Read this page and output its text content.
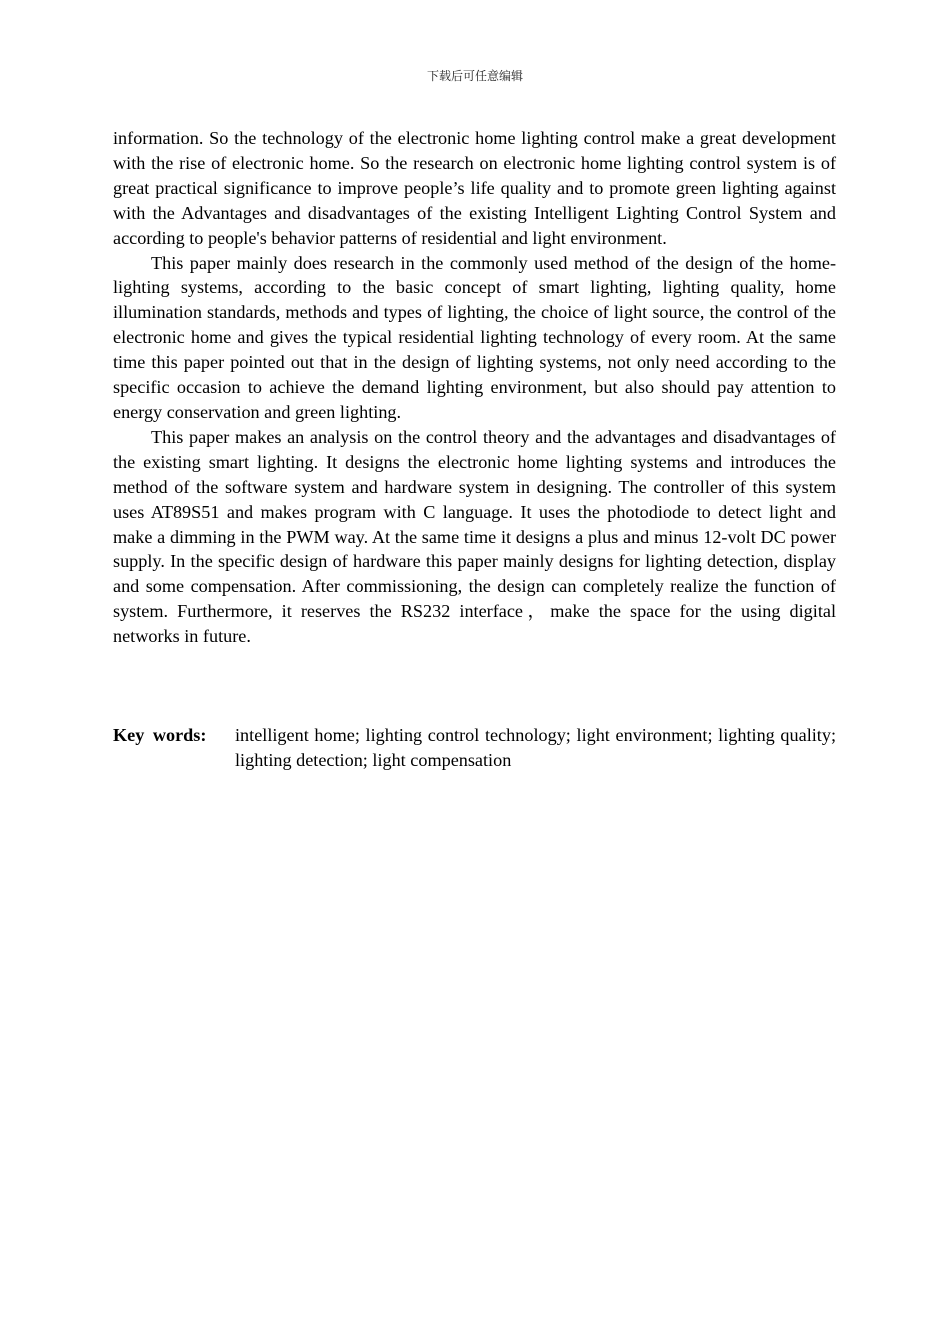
下载后可任意编辑

information. So the technology of the electronic home lighting control make a great development with the rise of electronic home. So the research on electronic home lighting control system is of great practical significance to improve people’s life quality and to promote green lighting against with the Advantages and disadvantages of the existing Intelligent Lighting Control System and according to people's behavior patterns of residential and light environment.

This paper mainly does research in the commonly used method of the design of the home-lighting systems, according to the basic concept of smart lighting, lighting quality, home illumination standards, methods and types of lighting, the choice of light source, the control of the electronic home and gives the typical residential lighting technology of every room. At the same time this paper pointed out that in the design of lighting systems, not only need according to the specific occasion to achieve the demand lighting environment, but also should pay attention to energy conservation and green lighting.

This paper makes an analysis on the control theory and the advantages and disadvantages of the existing smart lighting. It designs the electronic home lighting systems and introduces the method of the software system and hardware system in designing. The controller of this system uses AT89S51 and makes program with C language. It uses the photodiode to detect light and make a dimming in the PWM way. At the same time it designs a plus and minus 12-volt DC power supply. In the specific design of hardware this paper mainly designs for lighting detection, display and some compensation. After commissioning, the design can completely realize the function of system. Furthermore, it reserves the RS232 interface，make the space for the using digital networks in future.

Key words:	intelligent home; lighting control technology; light environment; lighting quality; lighting detection; light compensation
